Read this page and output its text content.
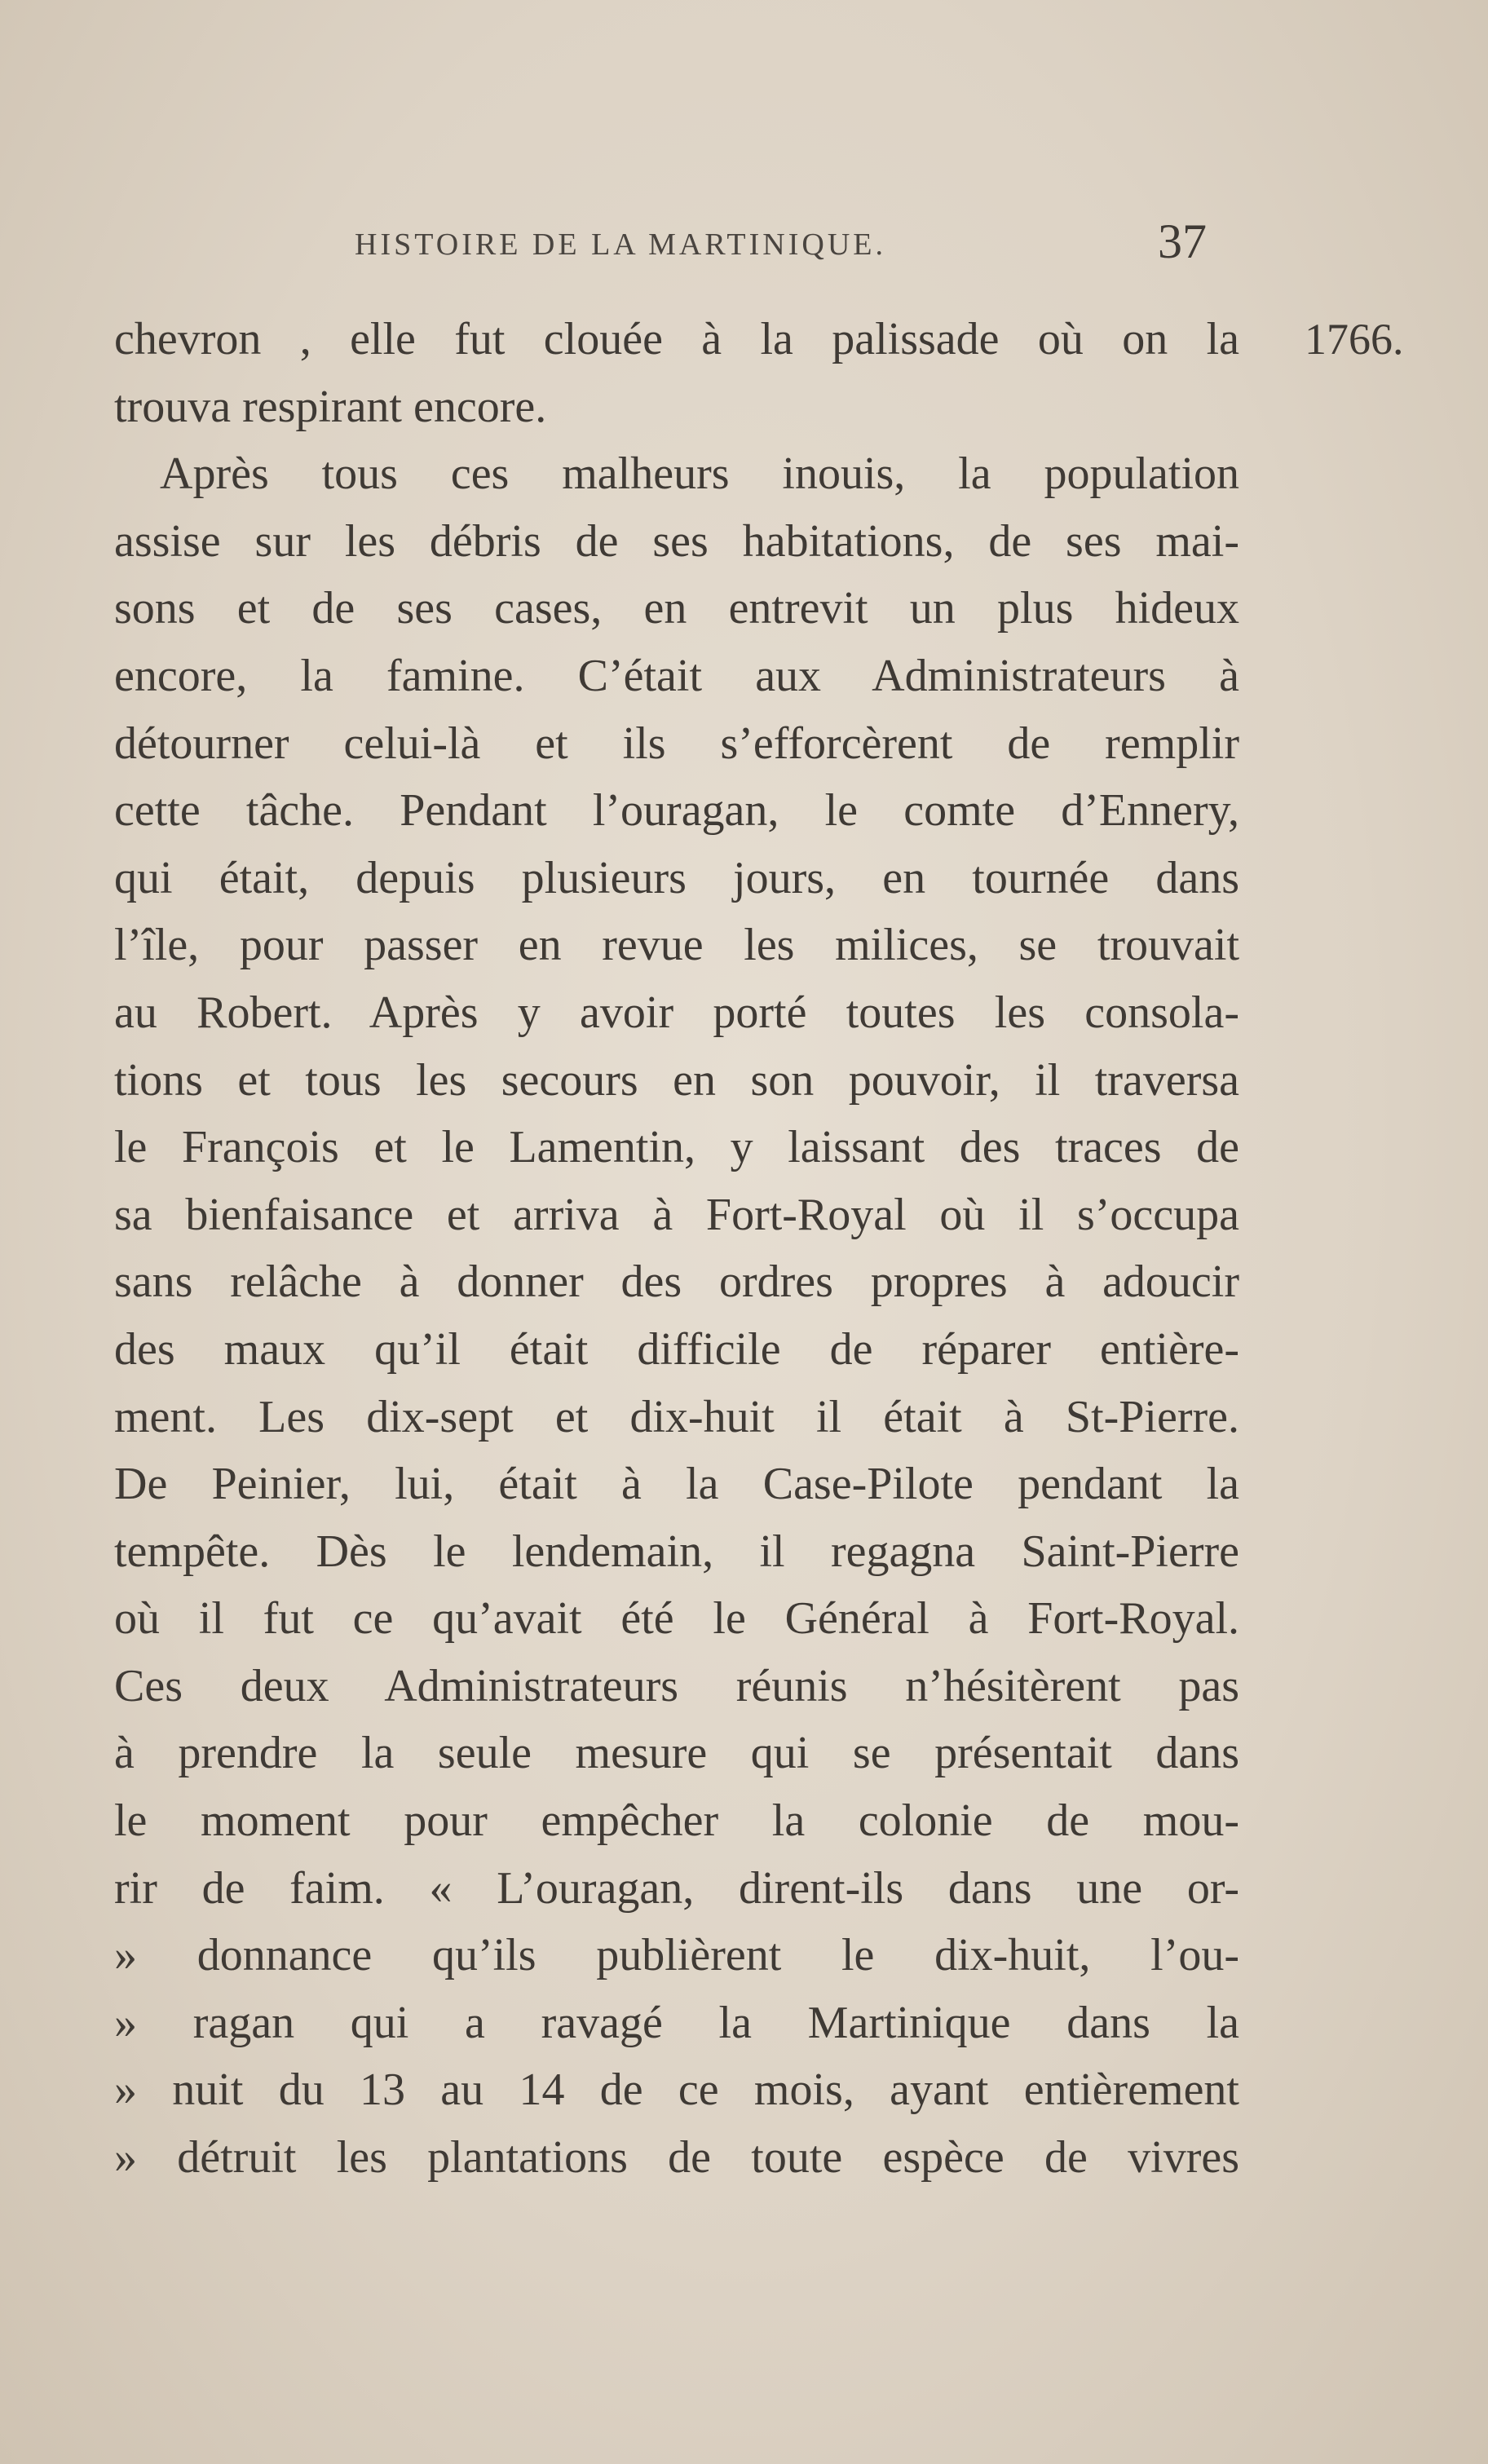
HISTOIRE DE LA MARTINIQUE.	37
1766.
chevron , elle fut clouée à la palissade où on la
trouva respirant encore.
Après tous ces malheurs inouis, la population
assise sur les débris de ses habitations, de ses mai-
sons et de ses cases, en entrevit un plus hideux
encore, la famine. C’était aux Administrateurs à
détourner celui-là et ils s’efforcèrent de remplir
cette tâche. Pendant l’ouragan, le comte d’Ennery,
qui était, depuis plusieurs jours, en tournée dans
l’île, pour passer en revue les milices, se trouvait
au Robert. Après y avoir porté toutes les consola-
tions et tous les secours en son pouvoir, il traversa
le François et le Lamentin, y laissant des traces de
sa bienfaisance et arriva à Fort-Royal où il s’occupa
sans relâche à donner des ordres propres à adoucir
des maux qu’il était difficile de réparer entière-
ment. Les dix-sept et dix-huit il était à St-Pierre.
De Peinier, lui, était à la Case-Pilote pendant la
tempête. Dès le lendemain, il regagna Saint-Pierre
où il fut ce qu’avait été le Général à Fort-Royal.
Ces deux Administrateurs réunis n’hésitèrent pas
à prendre la seule mesure qui se présentait dans
le moment pour empêcher la colonie de mou-
rir de faim. « L’ouragan, dirent-ils dans une or-
» donnance qu’ils publièrent le dix-huit, l’ou-
» ragan qui a ravagé la Martinique dans la
» nuit du 13 au 14 de ce mois, ayant entièrement
» détruit les plantations de toute espèce de vivres
